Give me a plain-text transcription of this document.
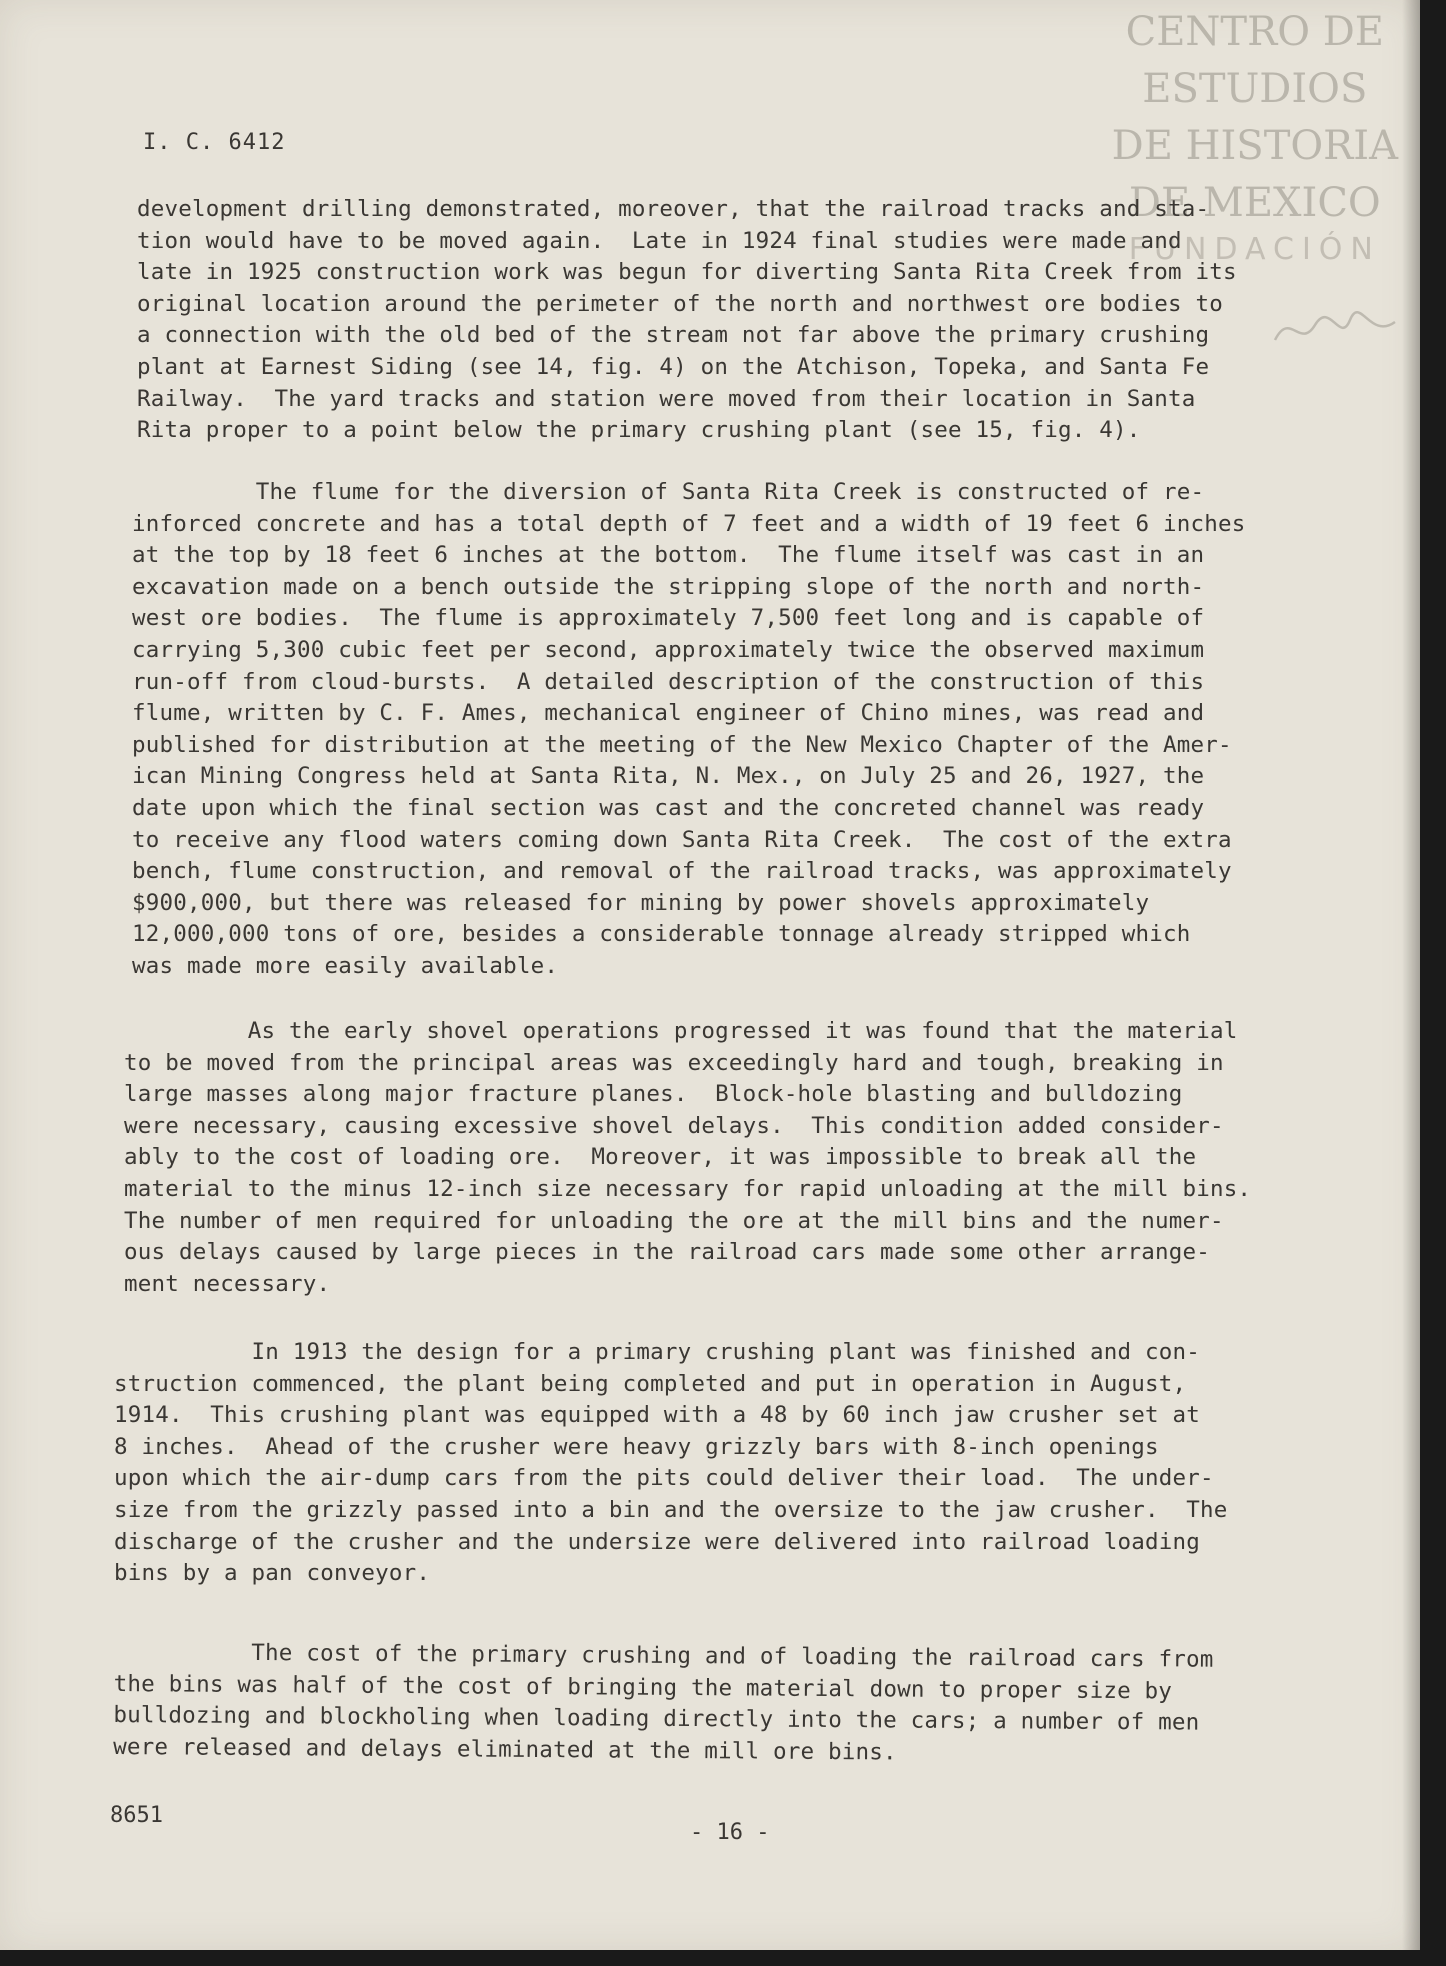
CENTRO DE
ESTUDIOS
DE HISTORIA
DE MEXICO
FUNDACIÓN
I. C. 6412
development drilling demonstrated, moreover, that the railroad tracks and sta-
tion would have to be moved again.  Late in 1924 final studies were made and
late in 1925 construction work was begun for diverting Santa Rita Creek from its
original location around the perimeter of the north and northwest ore bodies to
a connection with the old bed of the stream not far above the primary crushing
plant at Earnest Siding (see 14, fig. 4) on the Atchison, Topeka, and Santa Fe
Railway.  The yard tracks and station were moved from their location in Santa
Rita proper to a point below the primary crushing plant (see 15, fig. 4).
The flume for the diversion of Santa Rita Creek is constructed of re-
inforced concrete and has a total depth of 7 feet and a width of 19 feet 6 inches
at the top by 18 feet 6 inches at the bottom.  The flume itself was cast in an
excavation made on a bench outside the stripping slope of the north and north-
west ore bodies.  The flume is approximately 7,500 feet long and is capable of
carrying 5,300 cubic feet per second, approximately twice the observed maximum
run-off from cloud-bursts.  A detailed description of the construction of this
flume, written by C. F. Ames, mechanical engineer of Chino mines, was read and
published for distribution at the meeting of the New Mexico Chapter of the Amer-
ican Mining Congress held at Santa Rita, N. Mex., on July 25 and 26, 1927, the
date upon which the final section was cast and the concreted channel was ready
to receive any flood waters coming down Santa Rita Creek.  The cost of the extra
bench, flume construction, and removal of the railroad tracks, was approximately
$900,000, but there was released for mining by power shovels approximately
12,000,000 tons of ore, besides a considerable tonnage already stripped which
was made more easily available.
As the early shovel operations progressed it was found that the material
to be moved from the principal areas was exceedingly hard and tough, breaking in
large masses along major fracture planes.  Block-hole blasting and bulldozing
were necessary, causing excessive shovel delays.  This condition added consider-
ably to the cost of loading ore.  Moreover, it was impossible to break all the
material to the minus 12-inch size necessary for rapid unloading at the mill bins.
The number of men required for unloading the ore at the mill bins and the numer-
ous delays caused by large pieces in the railroad cars made some other arrange-
ment necessary.
In 1913 the design for a primary crushing plant was finished and con-
struction commenced, the plant being completed and put in operation in August,
1914.  This crushing plant was equipped with a 48 by 60 inch jaw crusher set at
8 inches.  Ahead of the crusher were heavy grizzly bars with 8-inch openings
upon which the air-dump cars from the pits could deliver their load.  The under-
size from the grizzly passed into a bin and the oversize to the jaw crusher.  The
discharge of the crusher and the undersize were delivered into railroad loading
bins by a pan conveyor.
The cost of the primary crushing and of loading the railroad cars from
the bins was half of the cost of bringing the material down to proper size by
bulldozing and blockholing when loading directly into the cars; a number of men
were released and delays eliminated at the mill ore bins.
8651
- 16 -
